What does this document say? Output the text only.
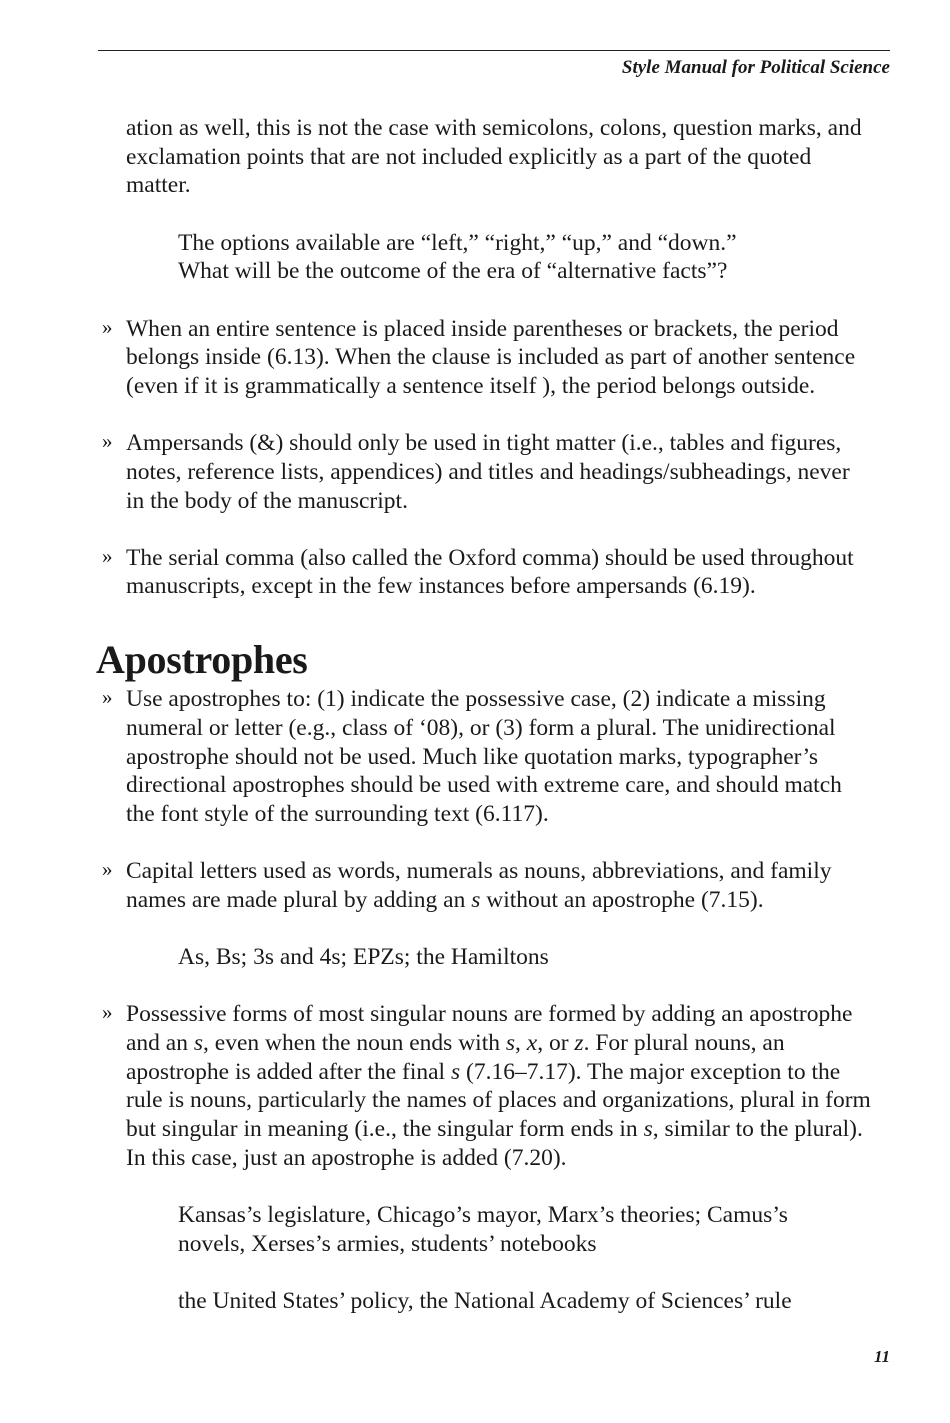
Style Manual for Political Science

ation as well, this is not the case with semicolons, colons, question marks, and exclamation points that are not included explicitly as a part of the quoted matter.

The options available are “left,” “right,” “up,” and “down.”

What will be the outcome of the era of “alternative facts”?

» When an entire sentence is placed inside parentheses or brackets, the period belongs inside (6.13). When the clause is included as part of another sentence (even if it is grammatically a sentence itself ), the period belongs outside.

» Ampersands (&) should only be used in tight matter (i.e., tables and figures, notes, reference lists, appendices) and titles and headings/subheadings, never in the body of the manuscript.

» The serial comma (also called the Oxford comma) should be used throughout manuscripts, except in the few instances before ampersands (6.19).

Apostrophes
» Use apostrophes to: (1) indicate the possessive case, (2) indicate a missing numeral or letter (e.g., class of ‘08), or (3) form a plural. The unidirectional apostrophe should not be used. Much like quotation marks, typographer’s directional apostrophes should be used with extreme care, and should match the font style of the surrounding text (6.117).

» Capital letters used as words, numerals as nouns, abbreviations, and family names are made plural by adding an s without an apostrophe (7.15).

As, Bs; 3s and 4s; EPZs; the Hamiltons

» Possessive forms of most singular nouns are formed by adding an apostrophe and an s, even when the noun ends with s, x, or z. For plural nouns, an apostrophe is added after the final s (7.16–7.17). The major exception to the rule is nouns, particularly the names of places and organizations, plural in form but singular in meaning (i.e., the singular form ends in s, similar to the plural). In this case, just an apostrophe is added (7.20).

Kansas’s legislature, Chicago’s mayor, Marx’s theories; Camus’s

novels, Xerses’s armies, students’ notebooks

the United States’ policy, the National Academy of Sciences’ rule

11
